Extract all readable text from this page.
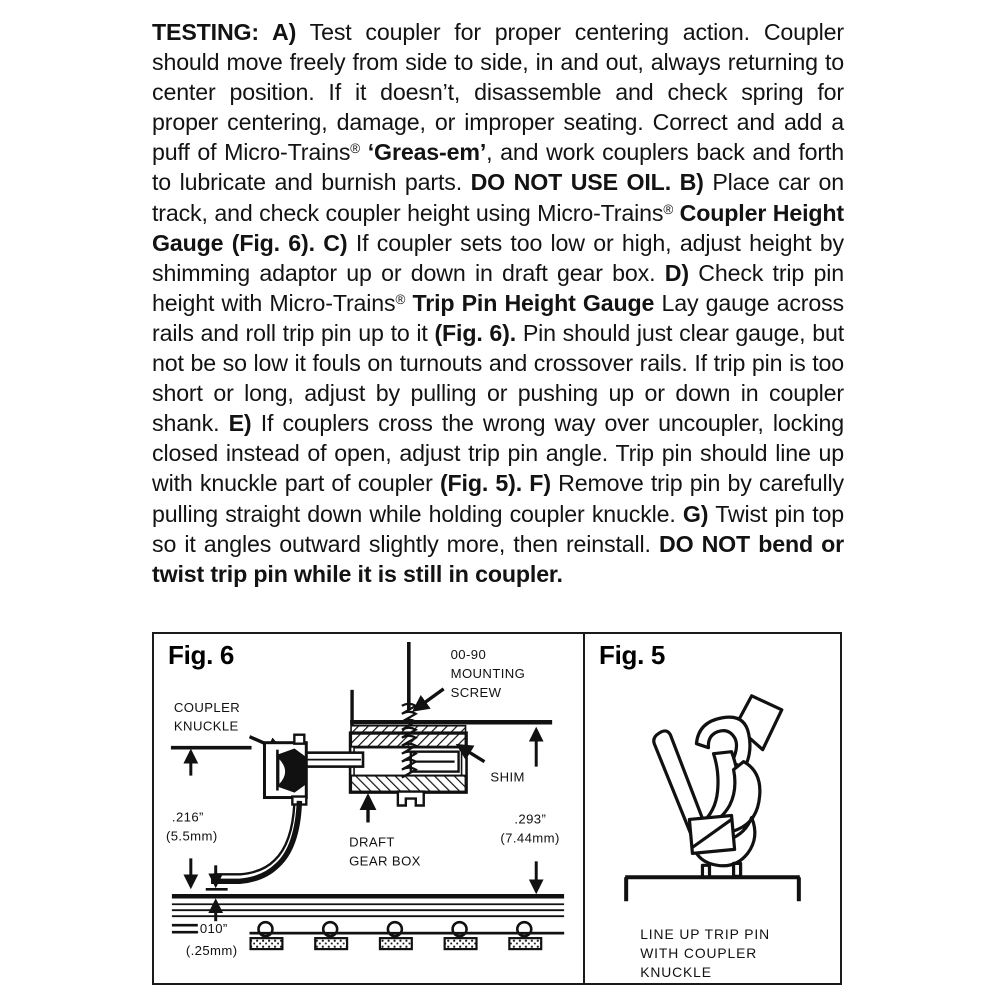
TESTING: A) Test coupler for proper centering action. Coupler should move freely from side to side, in and out, always returning to center position. If it doesn’t, disassemble and check spring for proper centering, damage, or improper seating. Correct and add a puff of Micro-Trains® ‘Greas-em’, and work couplers back and forth to lubricate and burnish parts. DO NOT USE OIL. B) Place car on track, and check coupler height using Micro-Trains® Coupler Height Gauge (Fig. 6). C) If coupler sets too low or high, adjust height by shimming adaptor up or down in draft gear box. D) Check trip pin height with Micro-Trains® Trip Pin Height Gauge Lay gauge across rails and roll trip pin up to it (Fig. 6). Pin should just clear gauge, but not be so low it fouls on turnouts and crossover rails. If trip pin is too short or long, adjust by pulling or pushing up or down in coupler shank. E) If couplers cross the wrong way over uncoupler, locking closed instead of open, adjust trip pin angle. Trip pin should line up with knuckle part of coupler (Fig. 5). F) Remove trip pin by carefully pulling straight down while holding coupler knuckle. G) Twist pin top so it angles outward slightly more, then reinstall. DO NOT bend or twist trip pin while it is still in coupler.
Fig. 6
COUPLER
KNUCKLE
00-90
MOUNTING
SCREW
SHIM
DRAFT
GEAR BOX
.216”
(5.5mm)
.010”
(.25mm)
.293”
(7.44mm)
Fig. 5
LINE UP TRIP PIN
WITH COUPLER
KNUCKLE
